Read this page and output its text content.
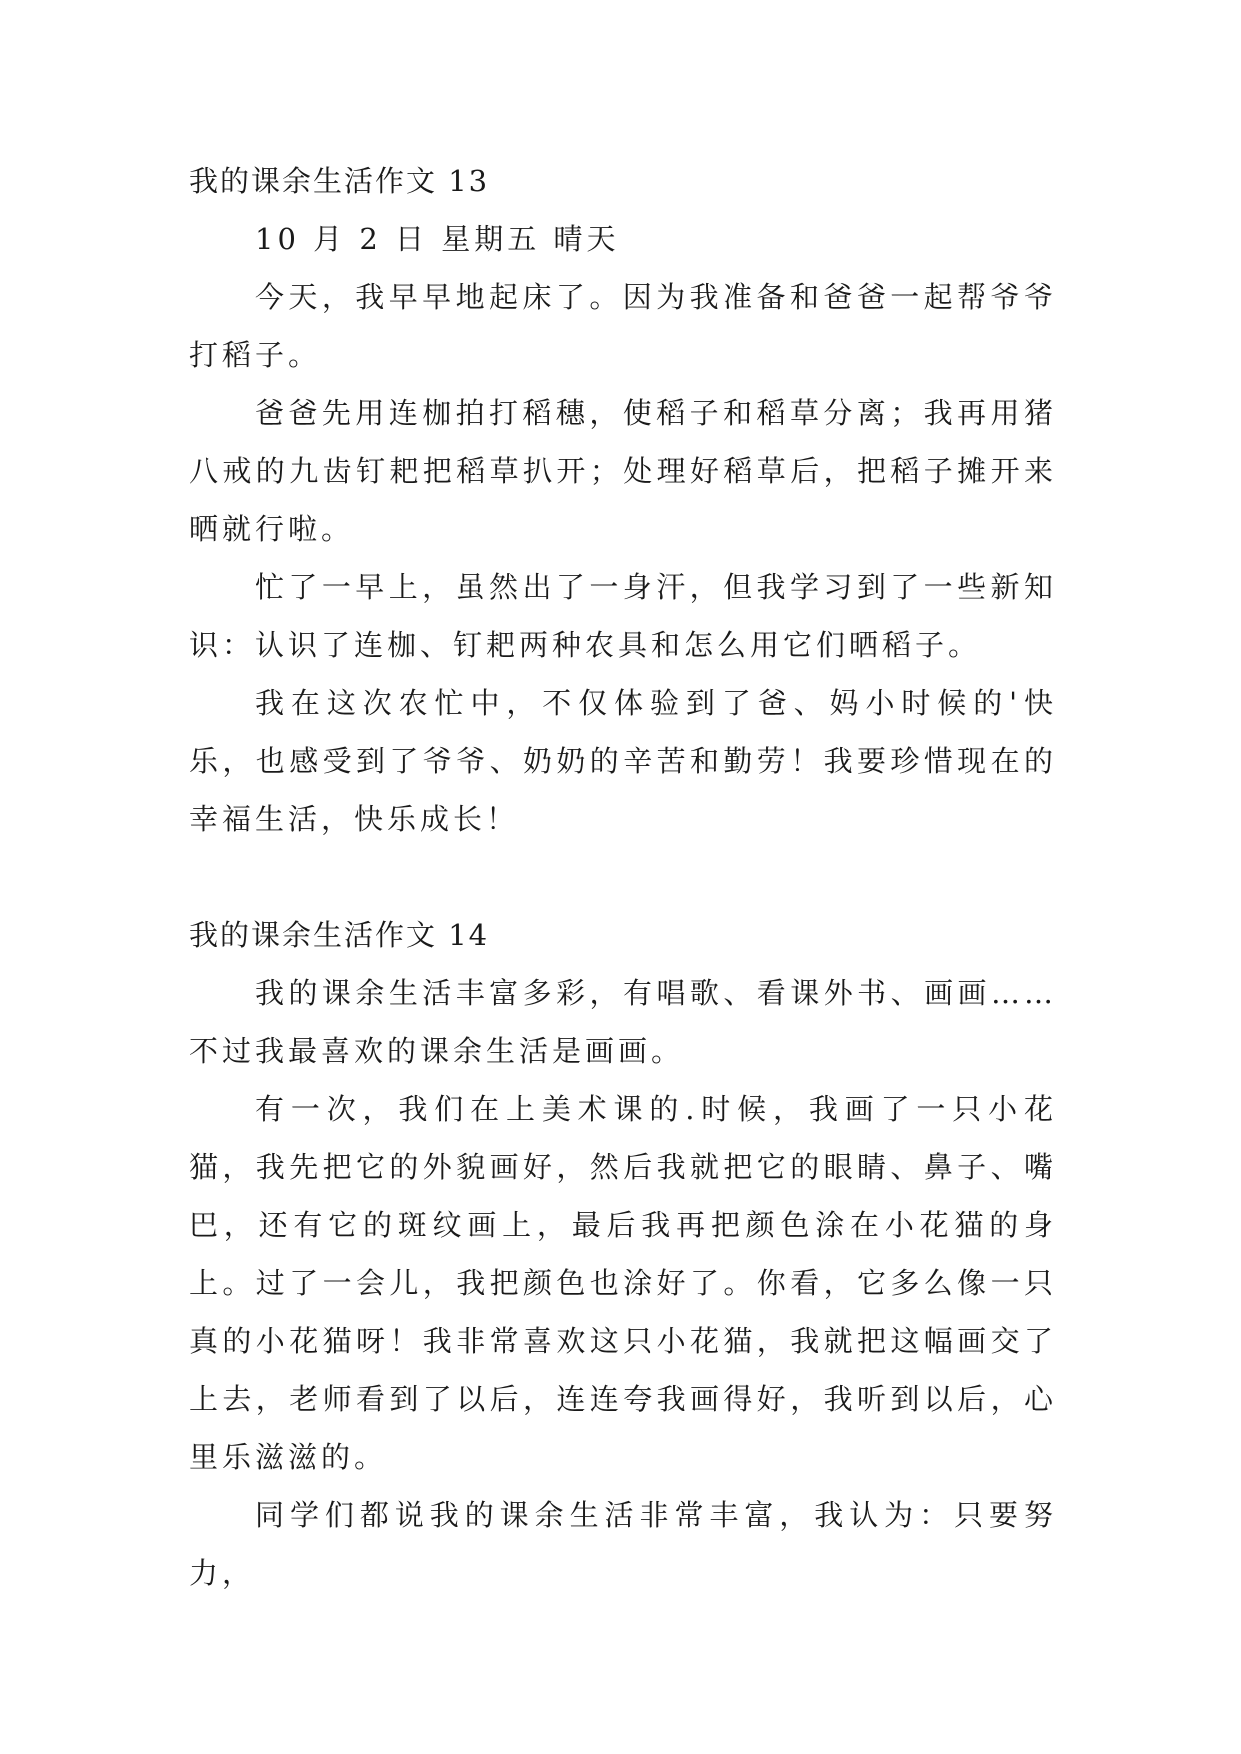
我的课余生活作文 13

10 月 2 日 星期五 晴天

今天，我早早地起床了。因为我准备和爸爸一起帮爷爷打稻子。

爸爸先用连枷拍打稻穗，使稻子和稻草分离；我再用猪八戒的九齿钉耙把稻草扒开；处理好稻草后，把稻子摊开来晒就行啦。

忙了一早上，虽然出了一身汗，但我学习到了一些新知识：认识了连枷、钉耙两种农具和怎么用它们晒稻子。

我在这次农忙中，不仅体验到了爸、妈小时候的'快乐，也感受到了爷爷、奶奶的辛苦和勤劳！我要珍惜现在的幸福生活，快乐成长！

我的课余生活作文 14

我的课余生活丰富多彩，有唱歌、看课外书、画画……不过我最喜欢的课余生活是画画。

有一次，我们在上美术课的.时候，我画了一只小花猫，我先把它的外貌画好，然后我就把它的眼睛、鼻子、嘴巴，还有它的斑纹画上，最后我再把颜色涂在小花猫的身上。过了一会儿，我把颜色也涂好了。你看，它多么像一只真的小花猫呀！我非常喜欢这只小花猫，我就把这幅画交了上去，老师看到了以后，连连夸我画得好，我听到以后，心里乐滋滋的。

同学们都说我的课余生活非常丰富，我认为：只要努力，
